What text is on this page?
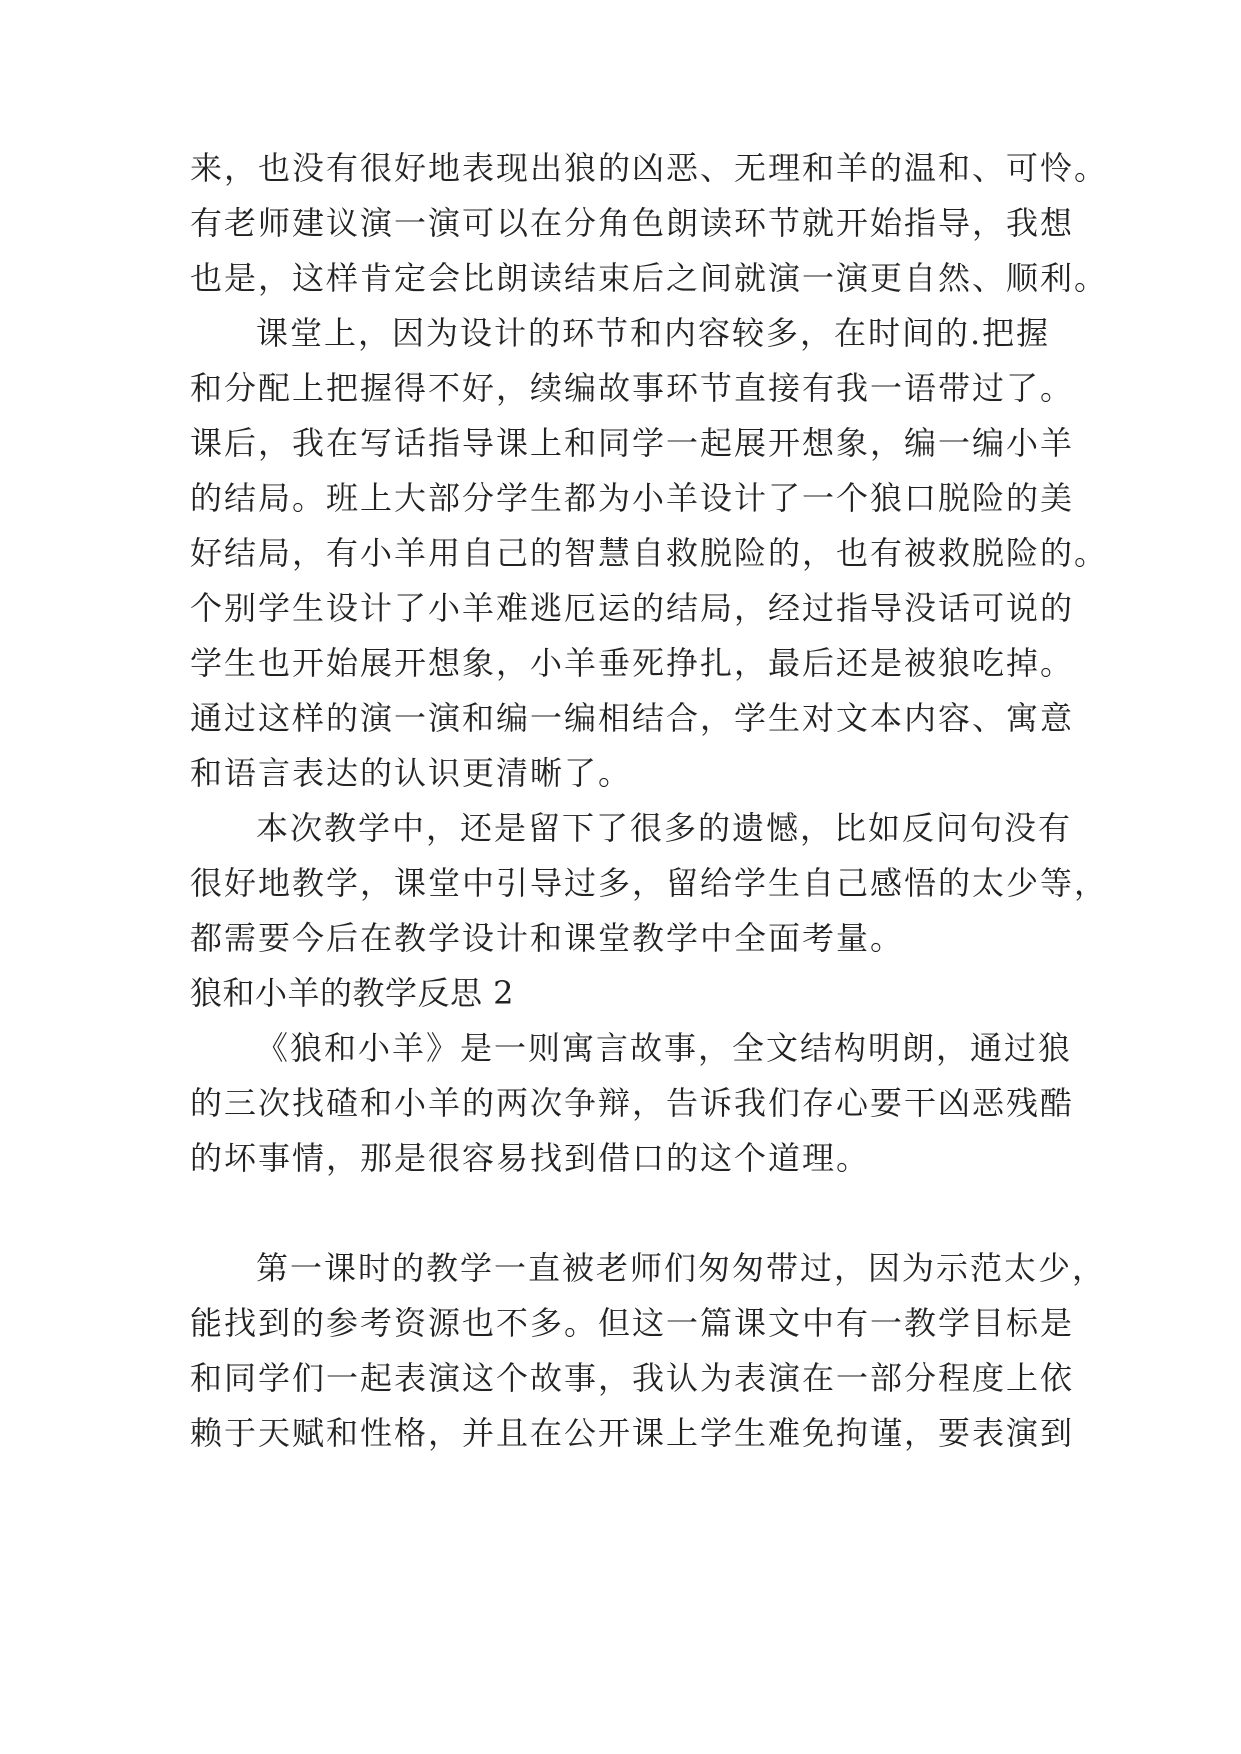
来，也没有很好地表现出狼的凶恶、无理和羊的温和、可怜。
有老师建议演一演可以在分角色朗读环节就开始指导，我想
也是，这样肯定会比朗读结束后之间就演一演更自然、顺利。
课堂上，因为设计的环节和内容较多，在时间的.把握
和分配上把握得不好，续编故事环节直接有我一语带过了。
课后，我在写话指导课上和同学一起展开想象，编一编小羊
的结局。班上大部分学生都为小羊设计了一个狼口脱险的美
好结局，有小羊用自己的智慧自救脱险的，也有被救脱险的。
个别学生设计了小羊难逃厄运的结局，经过指导没话可说的
学生也开始展开想象，小羊垂死挣扎，最后还是被狼吃掉。
通过这样的演一演和编一编相结合，学生对文本内容、寓意
和语言表达的认识更清晰了。
本次教学中，还是留下了很多的遗憾，比如反问句没有
很好地教学，课堂中引导过多，留给学生自己感悟的太少等，
都需要今后在教学设计和课堂教学中全面考量。
狼和小羊的教学反思 2
《狼和小羊》是一则寓言故事，全文结构明朗，通过狼
的三次找碴和小羊的两次争辩，告诉我们存心要干凶恶残酷
的坏事情，那是很容易找到借口的这个道理。
第一课时的教学一直被老师们匆匆带过，因为示范太少，
能找到的参考资源也不多。但这一篇课文中有一教学目标是
和同学们一起表演这个故事，我认为表演在一部分程度上依
赖于天赋和性格，并且在公开课上学生难免拘谨，要表演到
